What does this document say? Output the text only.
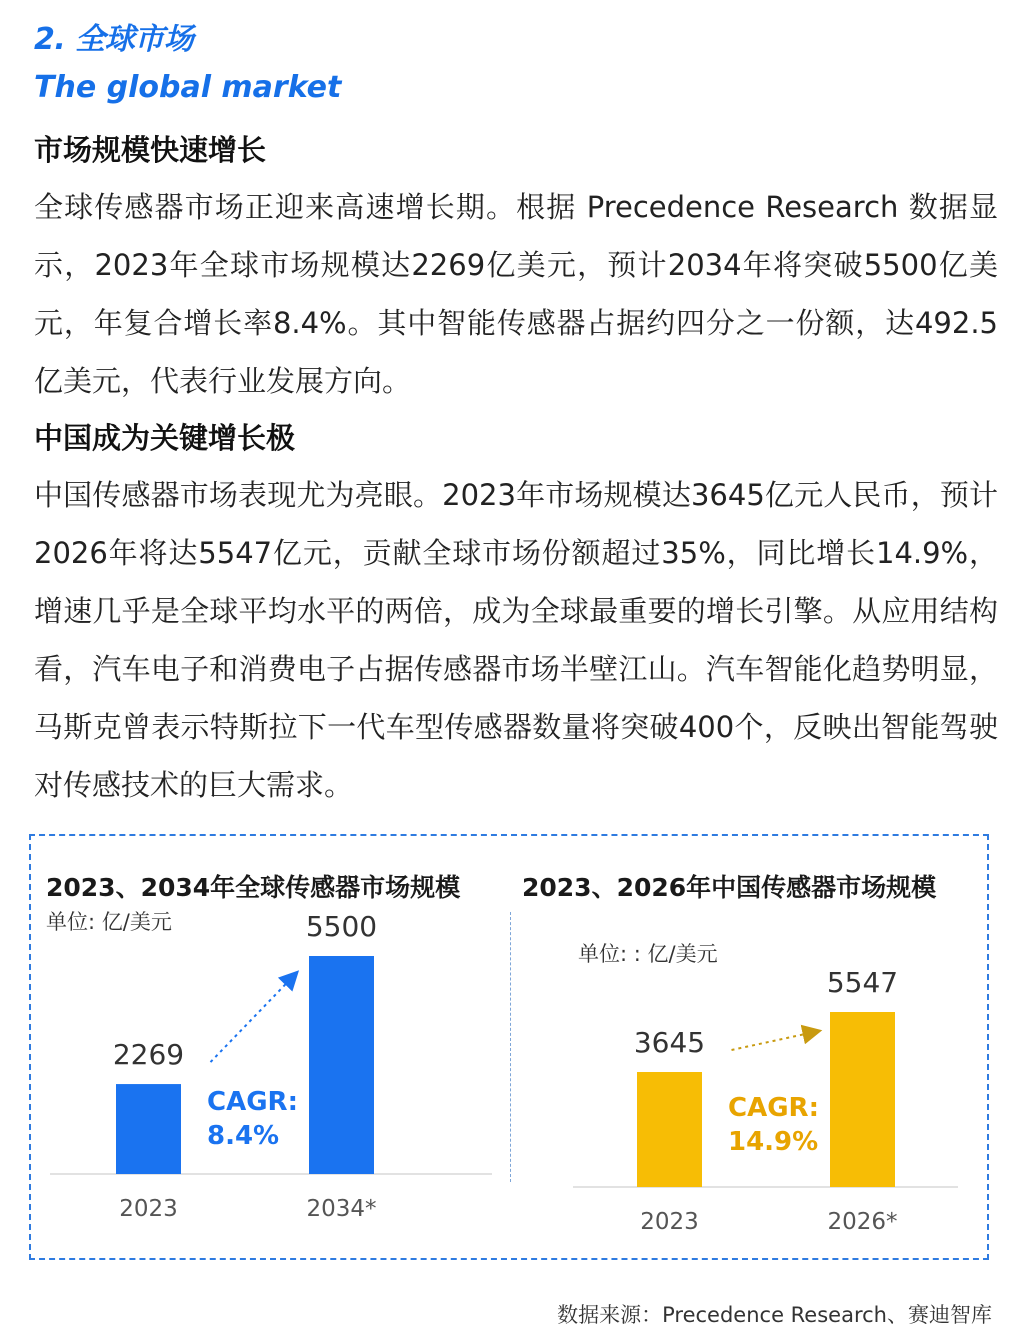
2. 全球市场
The global market
市场规模快速增长

全球传感器市场正迎来高速增长期。根据 Precedence Research 数据显示，2023年全球市场规模达2269亿美元，预计2034年将突破5500亿美元，年复合增长率8.4%。其中智能传感器占据约四分之一份额，达492.5亿美元，代表行业发展方向。

中国成为关键增长极

中国传感器市场表现尤为亮眼。2023年市场规模达3645亿元人民币，预计2026年将达5547亿元，贡献全球市场份额超过35%，同比增长14.9%，增速几乎是全球平均水平的两倍，成为全球最重要的增长引擎。从应用结构看，汽车电子和消费电子占据传感器市场半壁江山。汽车智能化趋势明显，马斯克曾表示特斯拉下一代车型传感器数量将突破400个，反映出智能驾驶对传感技术的巨大需求。

2023、2034年全球传感器市场规模
单位: 亿/美元
2023、2026年中国传感器市场规模
单位: : 亿/美元
2269
2023
5500
2034*
CAGR:
8.4%
3645
2023
5547
2026*
CAGR:
14.9%
数据来源：Precedence Research、赛迪智库
